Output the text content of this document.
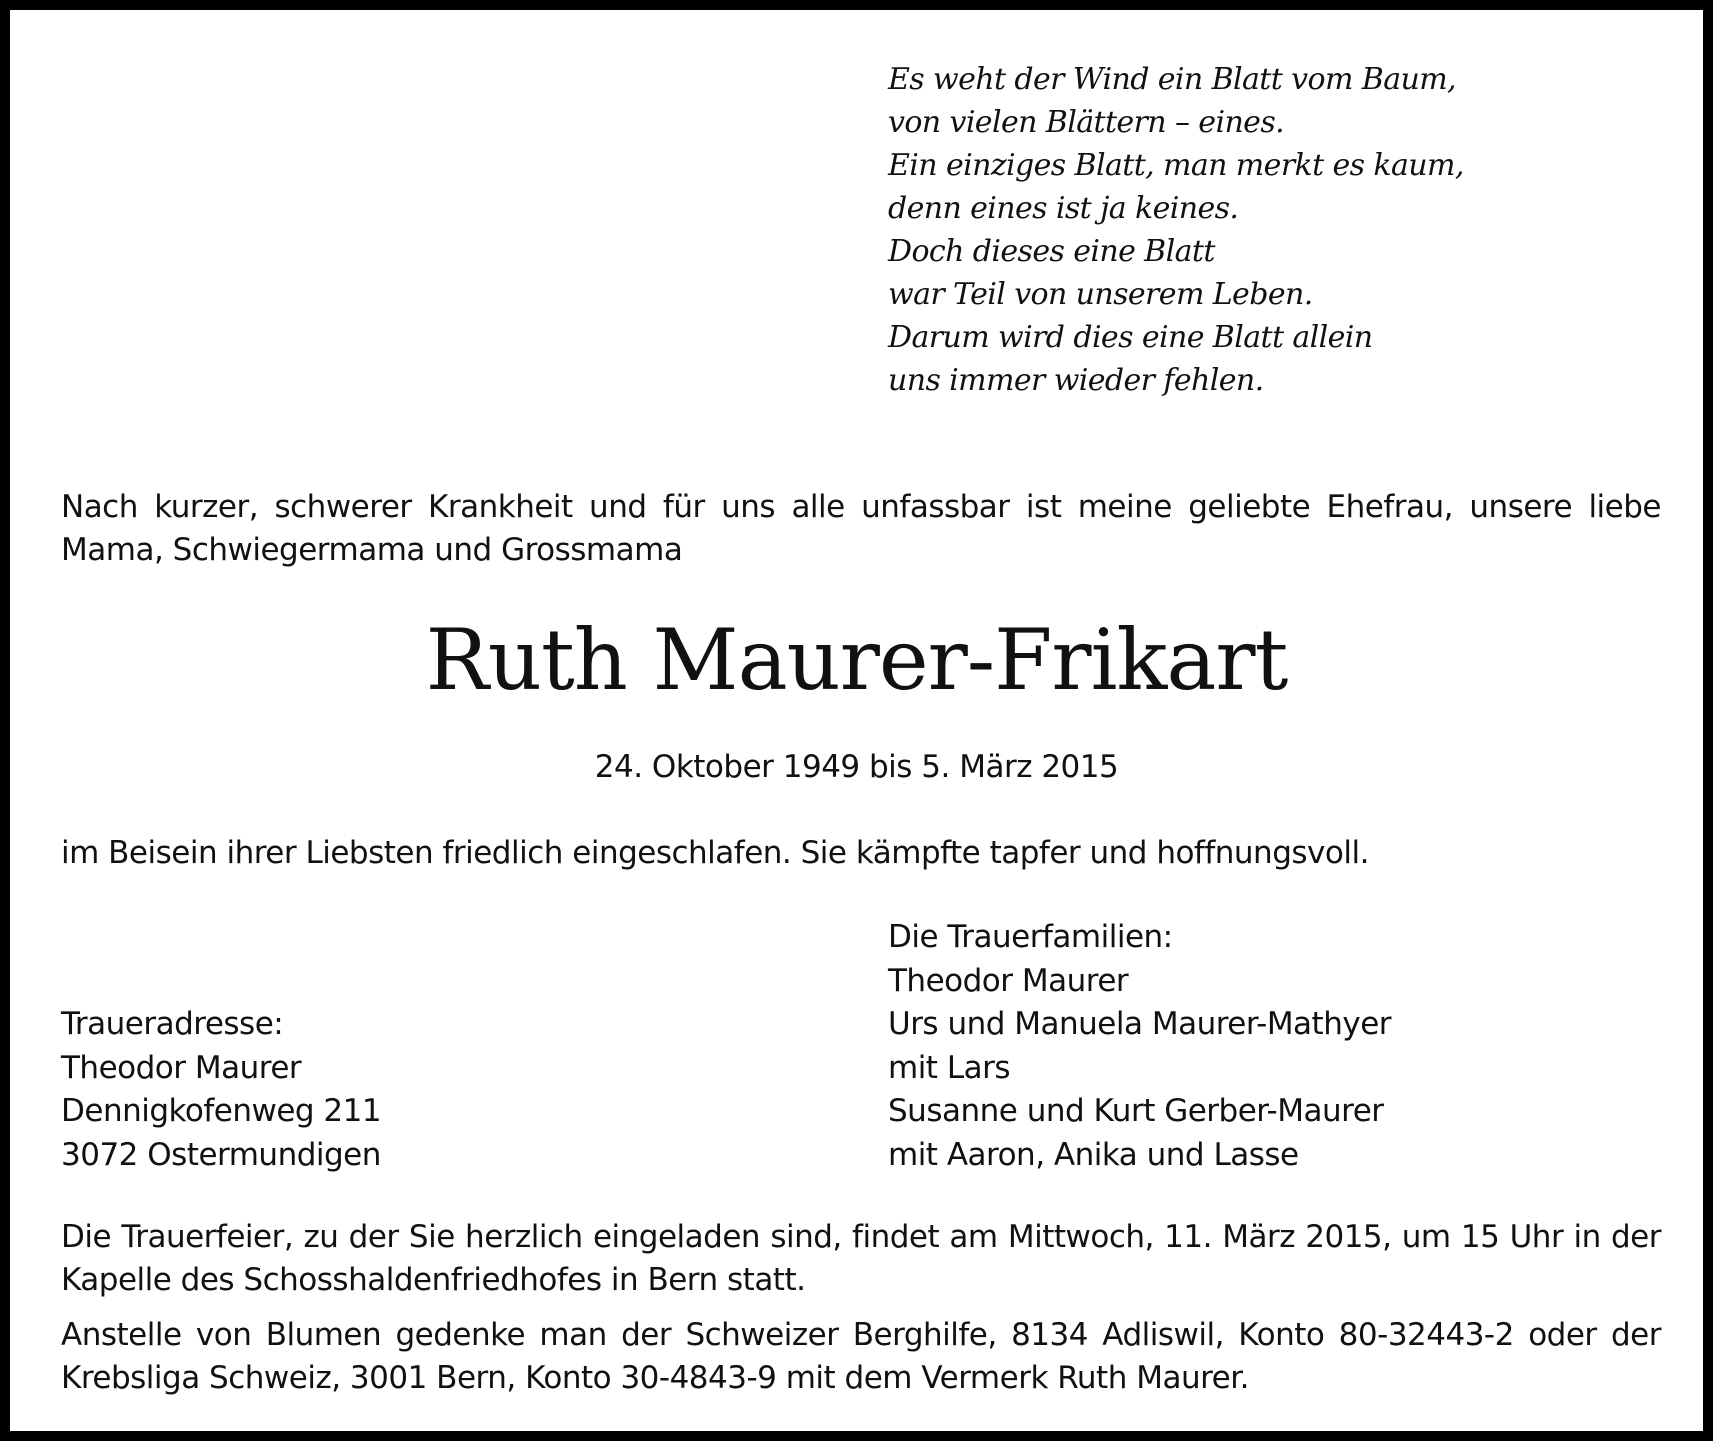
Es weht der Wind ein Blatt vom Baum,
von vielen Blättern – eines.
Ein einziges Blatt, man merkt es kaum,
denn eines ist ja keines.
Doch dieses eine Blatt
war Teil von unserem Leben.
Darum wird dies eine Blatt allein
uns immer wieder fehlen.
Nach kurzer, schwerer Krankheit und für uns alle unfassbar ist meine geliebte Ehefrau, unsere liebe Mama, Schwiegermama und Grossmama
Ruth Maurer-Frikart
24. Oktober 1949 bis 5. März 2015
im Beisein ihrer Liebsten friedlich eingeschlafen. Sie kämpfte tapfer und hoffnungsvoll.
Traueradresse:
Theodor Maurer
Dennigkofenweg 211
3072 Ostermundigen
Die Trauerfamilien:
Theodor Maurer
Urs und Manuela Maurer-Mathyer
mit Lars
Susanne und Kurt Gerber-Maurer
mit Aaron, Anika und Lasse
Die Trauerfeier, zu der Sie herzlich eingeladen sind, findet am Mittwoch, 11. März 2015, um 15 Uhr in der Kapelle des Schosshaldenfriedhofes in Bern statt.
Anstelle von Blumen gedenke man der Schweizer Berghilfe, 8134 Adliswil, Konto 80-32443-2 oder der Krebsliga Schweiz, 3001 Bern, Konto 30-4843-9 mit dem Vermerk Ruth Maurer.
